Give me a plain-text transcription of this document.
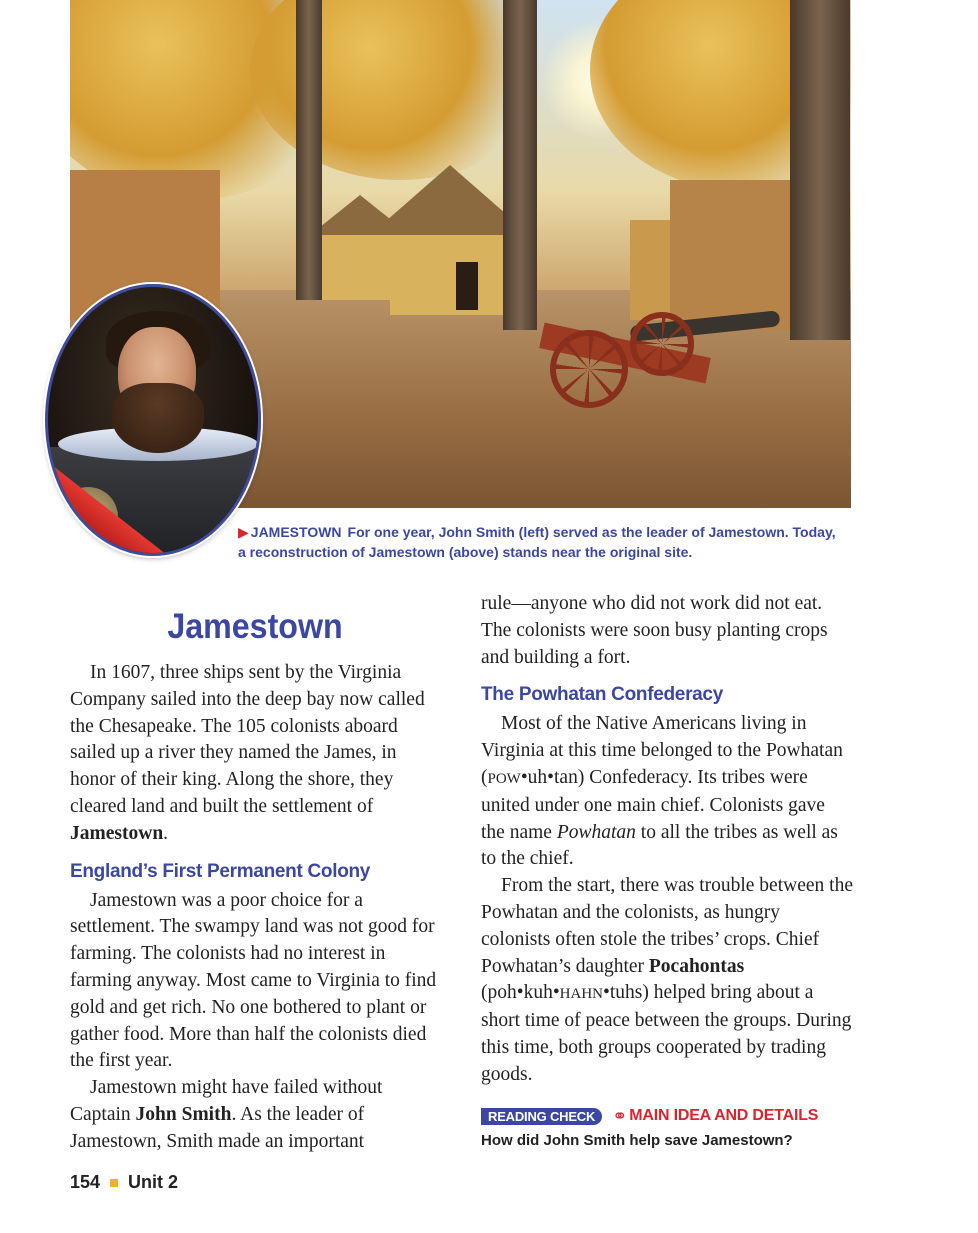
▶ JAMESTOWN For one year, John Smith (left) served as the leader of Jamestown. Today, a reconstruction of Jamestown (above) stands near the original site.
Jamestown

In 1607, three ships sent by the Virginia Company sailed into the deep bay now called the Chesapeake. The 105 colonists aboard sailed up a river they named the James, in honor of their king. Along the shore, they cleared land and built the settlement of Jamestown.

England’s First Permanent Colony

Jamestown was a poor choice for a settlement. The swampy land was not good for farming. The colonists had no interest in farming anyway. Most came to Virginia to find gold and get rich. No one bothered to plant or gather food. More than half the colonists died the first year.

Jamestown might have failed without Captain John Smith. As the leader of Jamestown, Smith made an important

rule—anyone who did not work did not eat. The colonists were soon busy planting crops and building a fort.

The Powhatan Confederacy

Most of the Native Americans living in Virginia at this time belonged to the Powhatan (POW•uh•tan) Confederacy. Its tribes were united under one main chief. Colonists gave the name Powhatan to all the tribes as well as to the chief.

From the start, there was trouble between the Powhatan and the colonists, as hungry colonists often stole the tribes’ crops. Chief Powhatan’s daughter Pocahontas (poh•kuh•HAHN•tuhs) helped bring about a short time of peace between the groups. During this time, both groups cooperated by trading goods.

READING CHECK ⚭ MAIN IDEA AND DETAILS
How did John Smith help save Jamestown?
154 Unit 2
